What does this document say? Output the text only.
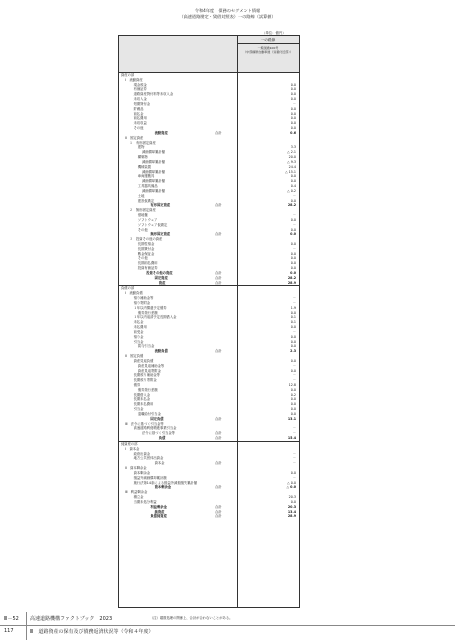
令和4年度　債務のセグメント情報
（高速道路勘定・貸借対照表）一の路線（試算値）
（単位：億円）
一の路線
一般国道100号
（中部横断自動車道（双葉付近部））
資産の部
Ⅰ　流動資産
現金預金	0.0
有価証券	0.0
道路資産貸付料等未収入金	0.0
未収入金	0.0
短期貸付金	－
貯蔵品	0.0
前払金	0.0
前払費用	0.0
未収収益	0.0
その他	0.0
流動資産	合計	0.6
Ⅱ　固定資産
１　有形固定資産
建物	3.3
減価償却累計額	△ 2.1
構築物	20.0
減価償却累計額	△ 9.3
機械装置	24.4
減価償却累計額	△ 15.1
車両運搬具	0.0
減価償却累計額	0.0
工具器具備品	0.4
減価償却累計額	△ 0.2
土地	－
建設仮勘定	0.0
有形固定資産	合計	28.2
２　無形固定資産
借地権	－
ソフトウェア	0.0
ソフトウェア仮勘定	－
その他	0.0
無形固定資産	合計	0.0
３　投資その他の資産
長期性預金	0.0
長期貸付金	－
敷金保証金	0.0
その他	0.0
長期前払費用	0.0
投資有価証券	0.0
投資その他の資産	合計	0.0
固定資産	合計	28.2
資産	合計	28.9
負債の部
Ⅰ　流動負債
預り補助金等	－
預り寄附金	－
１年以内償還予定債券	1.9
債券発行差額	0.0
１年以内返済予定長期借入金	0.1
未払金	0.1
未払費用	0.0
前受金	－
預り金	0.0
引当金	0.0
賞与引当金	0.0
流動負債	合計	2.3
Ⅱ　固定負債
資産見返負債	0.0
資産見返補助金等	－
資産見返寄附金	0.0
長期預り補助金等	－
長期預り寄附金	－
債券	12.8
債券発行差額	0.0
長期借入金	0.2
長期未払金	0.0
長期未払費用	0.0
引当金	0.0
退職給付引当金	0.0
固定負債	合計	13.1
Ⅲ　法令に基づく引当金等
高速道路利便増進事業引当金	－
法令に基づく引当金等	合計	－
負債	合計	15.4
純資産の部
Ⅰ　資本金
政府出資金	－
地方公共団体出資金	－
資本金	合計	－
Ⅱ　資本剰余金
資本剰余金	0.0
損益外減価償却累計額	－
施行法第14条による損益外減損損失累計額	△ 0.0
資本剰余金	合計	△ 0.0
Ⅲ　利益剰余金
積立金	20.3
当期未処分利益	0.0
利益剰余金	合計	20.3
純資産	合計	13.4
負債純資産	合計	28.9
Ⅲ－52
117
高速道路機構ファクトブック　2023
Ⅲ　道路資産の保有及び債務返済状況等（令和４年度）
（注）端数処理の関係上、合計が合わないことがある。
